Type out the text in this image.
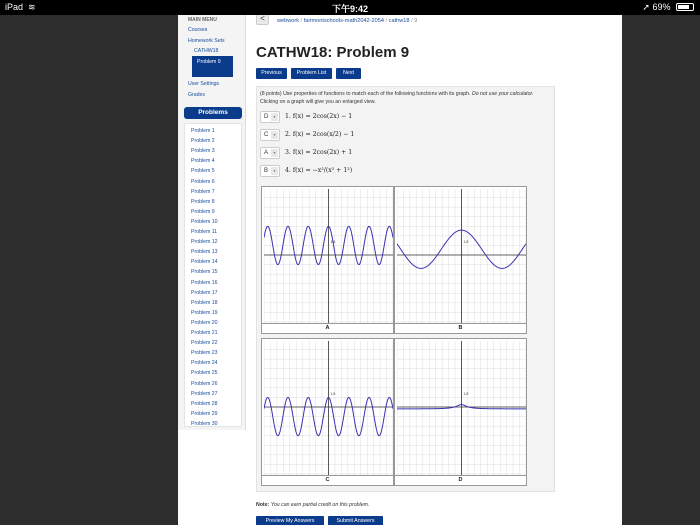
iPad ≋	下午9:42	➚ 69%
MAIN MENU
Courses
Homework Sets
CATHW18
Problem 9
User Settings
Grades
Problems
Problem 1
Problem 2
Problem 3
Problem 4
Problem 5
Problem 6
Problem 7
Problem 8
Problem 9
Problem 10
Problem 11
Problem 12
Problem 13
Problem 14
Problem 15
Problem 16
Problem 17
Problem 18
Problem 19
Problem 20
Problem 21
Problem 22
Problem 23
Problem 24
Problem 25
Problem 26
Problem 27
Problem 28
Problem 29
Problem 30
<	webwork / fairmontschools-math2042-2054 / cathw18 / 9
CATHW18: Problem 9
Previous	Problem List	Next
(8 points) Use properties of functions to match each of the following functions with its graph. Do not use your calculator. Clicking on a graph will give you an enlarged view.
D	▾	1. f(x) = 2cos(2x) − 1
C	▾	2. f(x) = 2cos(x/2) − 1
A	▾	3. f(x) = 2cos(2x) + 1
B	▾	4. f(x) = −x²/(x² + 1²)
1.8
A
1.8
B
1.8
C
1.8
D
Note: You can earn partial credit on this problem.
Preview My Answers	Submit Answers
